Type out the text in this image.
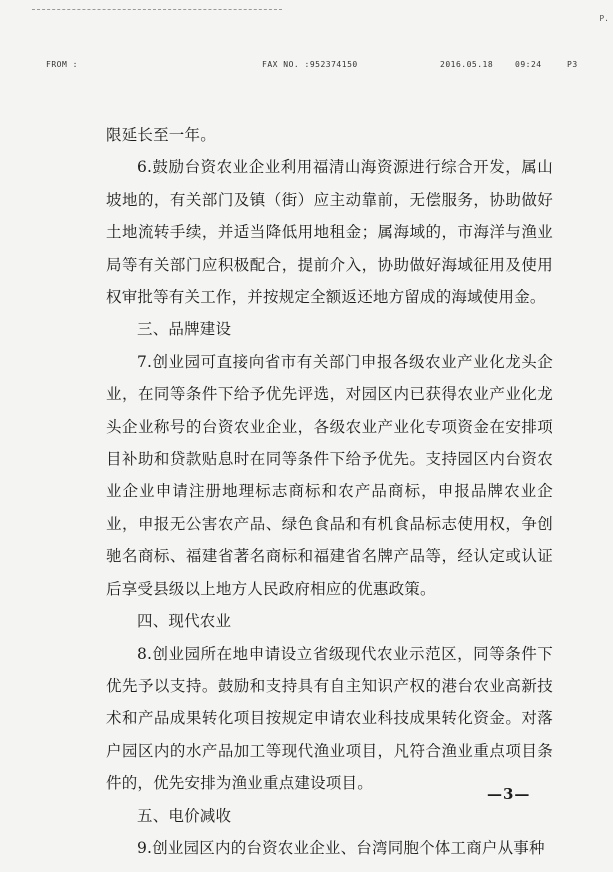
P.
FROM :	FAX NO. :952374150	2016.05.18	09:24	P3

限延长至一年。

6.鼓励台资农业企业利用福清山海资源进行综合开发，属山坡地的，有关部门及镇（街）应主动靠前，无偿服务，协助做好土地流转手续，并适当降低用地租金；属海域的，市海洋与渔业局等有关部门应积极配合，提前介入，协助做好海域征用及使用权审批等有关工作，并按规定全额返还地方留成的海域使用金。

三、品牌建设

7.创业园可直接向省市有关部门申报各级农业产业化龙头企业，在同等条件下给予优先评选，对园区内已获得农业产业化龙头企业称号的台资农业企业，各级农业产业化专项资金在安排项目补助和贷款贴息时在同等条件下给予优先。支持园区内台资农业企业申请注册地理标志商标和农产品商标，申报品牌农业企业，申报无公害农产品、绿色食品和有机食品标志使用权，争创驰名商标、福建省著名商标和福建省名牌产品等，经认定或认证后享受县级以上地方人民政府相应的优惠政策。

四、现代农业

8.创业园所在地申请设立省级现代农业示范区，同等条件下优先予以支持。鼓励和支持具有自主知识产权的港台农业高新技术和产品成果转化项目按规定申请农业科技成果转化资金。对落户园区内的水产品加工等现代渔业项目，凡符合渔业重点项目条件的，优先安排为渔业重点建设项目。

五、电价减收

9.创业园区内的台资农业企业、台湾同胞个体工商户从事种

—3—
